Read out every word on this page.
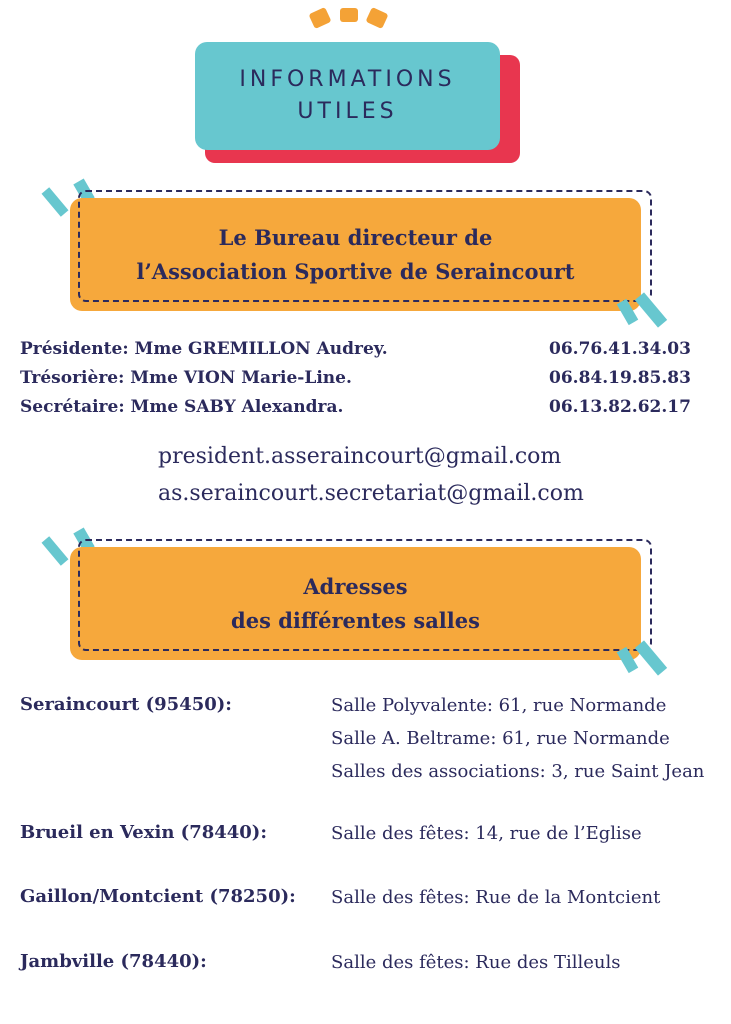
INFORMATIONS
UTILES
Le Bureau directeur de
l’Association Sportive de Seraincourt
Présidente: Mme GREMILLON Audrey.	06.76.41.34.03
Trésorière: Mme VION Marie-Line.	06.84.19.85.83
Secrétaire: Mme SABY Alexandra.	06.13.82.62.17
president.asseraincourt@gmail.com
as.seraincourt.secretariat@gmail.com
Adresses
des différentes salles
Seraincourt (95450):	Salle Polyvalente: 61, rue Normande
Salle A. Beltrame: 61, rue Normande
Salles des associations: 3, rue Saint Jean
Brueil en Vexin (78440):	Salle des fêtes: 14, rue de l’Eglise
Gaillon/Montcient (78250): Salle des fêtes: Rue de la Montcient
Jambville (78440):	Salle des fêtes: Rue des Tilleuls
